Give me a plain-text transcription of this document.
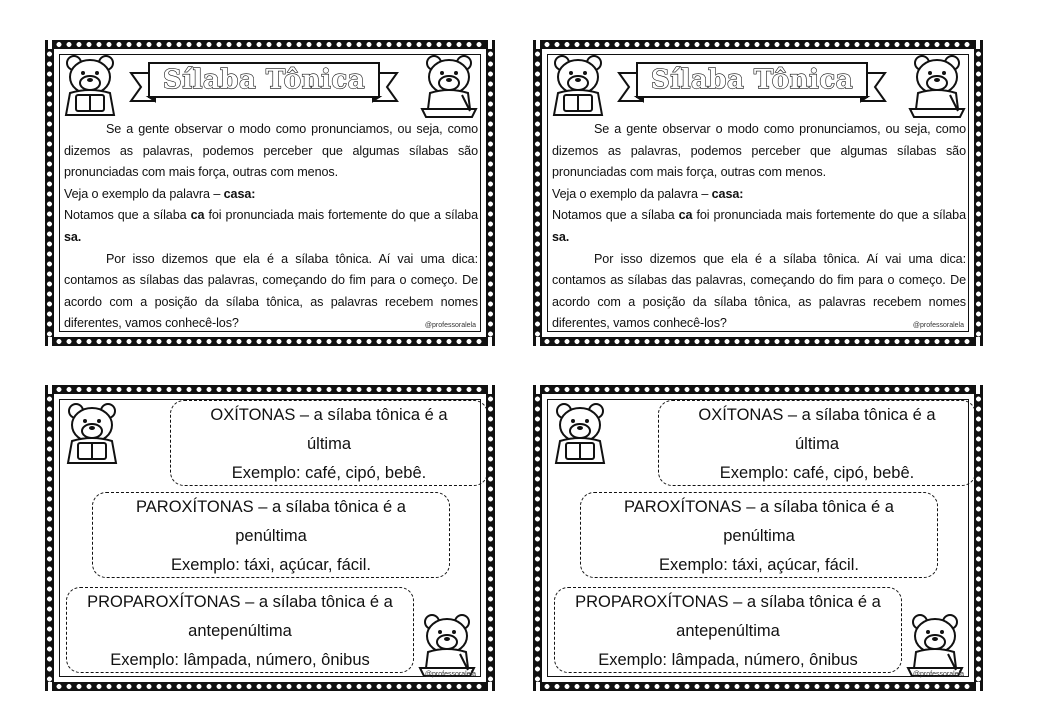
Sílaba Tônica

Se a gente observar o modo como pronunciamos, ou seja, como dizemos as palavras, podemos perceber que algumas sílabas são pronunciadas com mais força, outras com menos.

Veja o exemplo da palavra – casa:

Notamos que a sílaba ca foi pronunciada mais fortemente do que a sílaba sa.

Por isso dizemos que ela é a sílaba tônica. Aí vai uma dica: contamos as sílabas das palavras, começando do fim para o começo. De acordo com a posição da sílaba tônica, as palavras recebem nomes diferentes, vamos conhecê-los?	@professoralela
Sílaba Tônica

Se a gente observar o modo como pronunciamos, ou seja, como dizemos as palavras, podemos perceber que algumas sílabas são pronunciadas com mais força, outras com menos.

Veja o exemplo da palavra – casa:

Notamos que a sílaba ca foi pronunciada mais fortemente do que a sílaba sa.

Por isso dizemos que ela é a sílaba tônica. Aí vai uma dica: contamos as sílabas das palavras, começando do fim para o começo. De acordo com a posição da sílaba tônica, as palavras recebem nomes diferentes, vamos conhecê-los?	@professoralela
OXÍTONAS – a sílaba tônica é a
última
Exemplo: café, cipó, bebê.
PAROXÍTONAS – a sílaba tônica é a
penúltima
Exemplo: táxi, açúcar, fácil.
PROPAROXÍTONAS – a sílaba tônica é a
antepenúltima
Exemplo: lâmpada, número, ônibus
@professoralela
OXÍTONAS – a sílaba tônica é a
última
Exemplo: café, cipó, bebê.
PAROXÍTONAS – a sílaba tônica é a
penúltima
Exemplo: táxi, açúcar, fácil.
PROPAROXÍTONAS – a sílaba tônica é a
antepenúltima
Exemplo: lâmpada, número, ônibus
@professoralela
